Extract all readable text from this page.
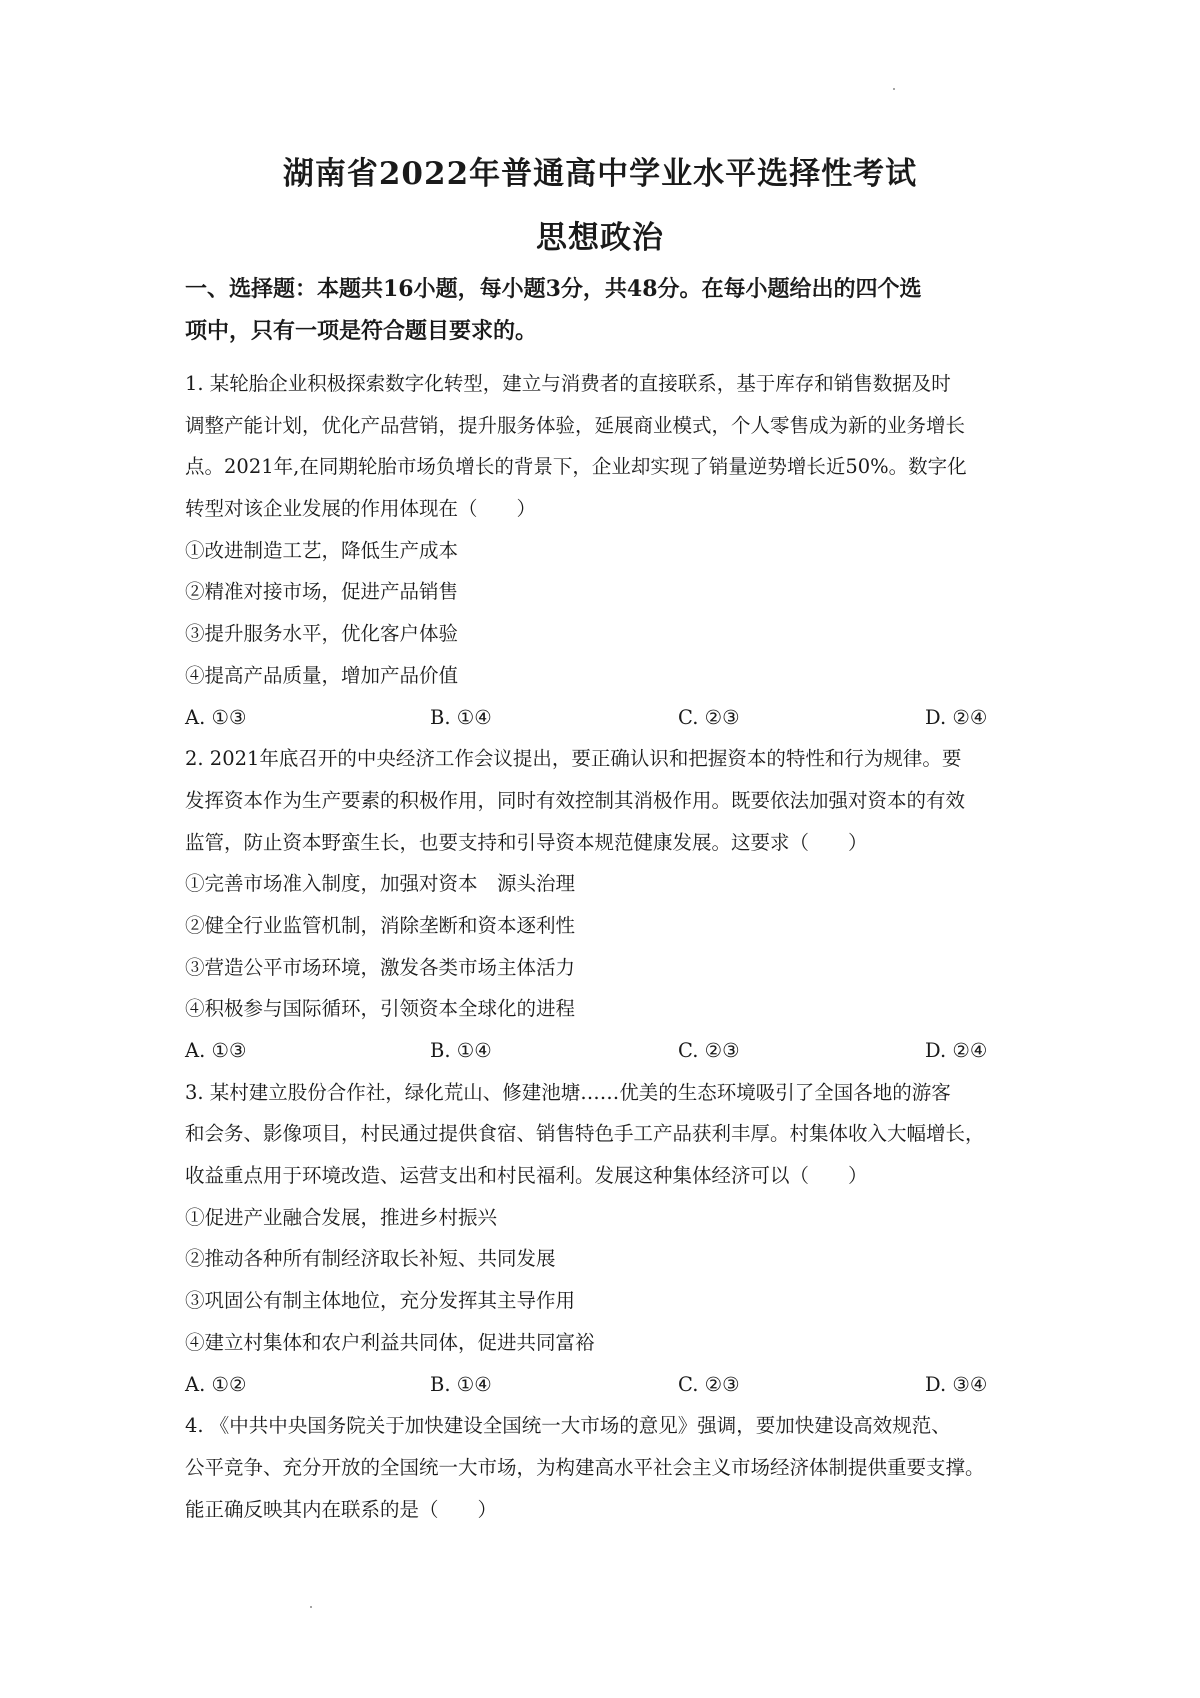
湖南省2022年普通高中学业水平选择性考试
思想政治

一、选择题：本题共16小题，每小题3分，共48分。在每小题给出的四个选

项中，只有一项是符合题目要求的。

1. 某轮胎企业积极探索数字化转型，建立与消费者的直接联系，基于库存和销售数据及时

调整产能计划，优化产品营销，提升服务体验，延展商业模式，个人零售成为新的业务增长

点。2021年,在同期轮胎市场负增长的背景下，企业却实现了销量逆势增长近50%。数字化

转型对该企业发展的作用体现在（　　）

①改进制造工艺，降低生产成本

②精准对接市场，促进产品销售

③提升服务水平，优化客户体验

④提高产品质量，增加产品价值

A. ①③	B. ①④	C. ②③	D. ②④

2. 2021年底召开的中央经济工作会议提出，要正确认识和把握资本的特性和行为规律。要

发挥资本作为生产要素的积极作用，同时有效控制其消极作用。既要依法加强对资本的有效

监管，防止资本野蛮生长，也要支持和引导资本规范健康发展。这要求（　　）

①完善市场准入制度，加强对资本　源头治理

②健全行业监管机制，消除垄断和资本逐利性

③营造公平市场环境，激发各类市场主体活力

④积极参与国际循环，引领资本全球化的进程

A. ①③	B. ①④	C. ②③	D. ②④

3. 某村建立股份合作社，绿化荒山、修建池塘……优美的生态环境吸引了全国各地的游客

和会务、影像项目，村民通过提供食宿、销售特色手工产品获利丰厚。村集体收入大幅增长，

收益重点用于环境改造、运营支出和村民福利。发展这种集体经济可以（　　）

①促进产业融合发展，推进乡村振兴

②推动各种所有制经济取长补短、共同发展

③巩固公有制主体地位，充分发挥其主导作用

④建立村集体和农户利益共同体，促进共同富裕

A. ①②	B. ①④	C. ②③	D. ③④

4. 《中共中央国务院关于加快建设全国统一大市场的意见》强调，要加快建设高效规范、

公平竞争、充分开放的全国统一大市场，为构建高水平社会主义市场经济体制提供重要支撑。

能正确反映其内在联系的是（　　）
